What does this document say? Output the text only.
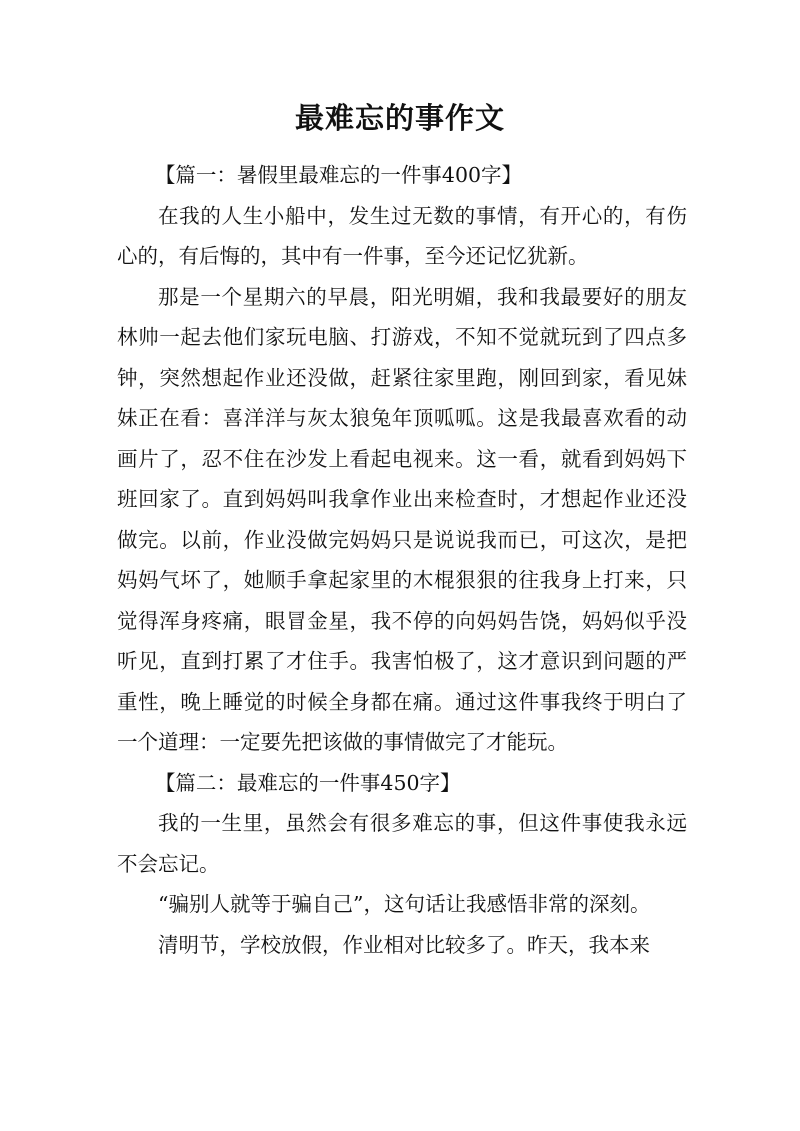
最难忘的事作文

【篇一：暑假里最难忘的一件事400字】

在我的人生小船中，发生过无数的事情，有开心的，有伤心的，有后悔的，其中有一件事，至今还记忆犹新。

那是一个星期六的早晨，阳光明媚，我和我最要好的朋友林帅一起去他们家玩电脑、打游戏，不知不觉就玩到了四点多钟，突然想起作业还没做，赶紧往家里跑，刚回到家，看见妹妹正在看：喜洋洋与灰太狼兔年顶呱呱。这是我最喜欢看的动画片了，忍不住在沙发上看起电视来。这一看，就看到妈妈下班回家了。直到妈妈叫我拿作业出来检查时，才想起作业还没做完。以前，作业没做完妈妈只是说说我而已，可这次，是把妈妈气坏了，她顺手拿起家里的木棍狠狠的往我身上打来，只觉得浑身疼痛，眼冒金星，我不停的向妈妈告饶，妈妈似乎没听见，直到打累了才住手。我害怕极了，这才意识到问题的严重性，晚上睡觉的时候全身都在痛。通过这件事我终于明白了一个道理：一定要先把该做的事情做完了才能玩。

【篇二：最难忘的一件事450字】

我的一生里，虽然会有很多难忘的事，但这件事使我永远不会忘记。

“骗别人就等于骗自己”，这句话让我感悟非常的深刻。

清明节，学校放假，作业相对比较多了。昨天，我本来
